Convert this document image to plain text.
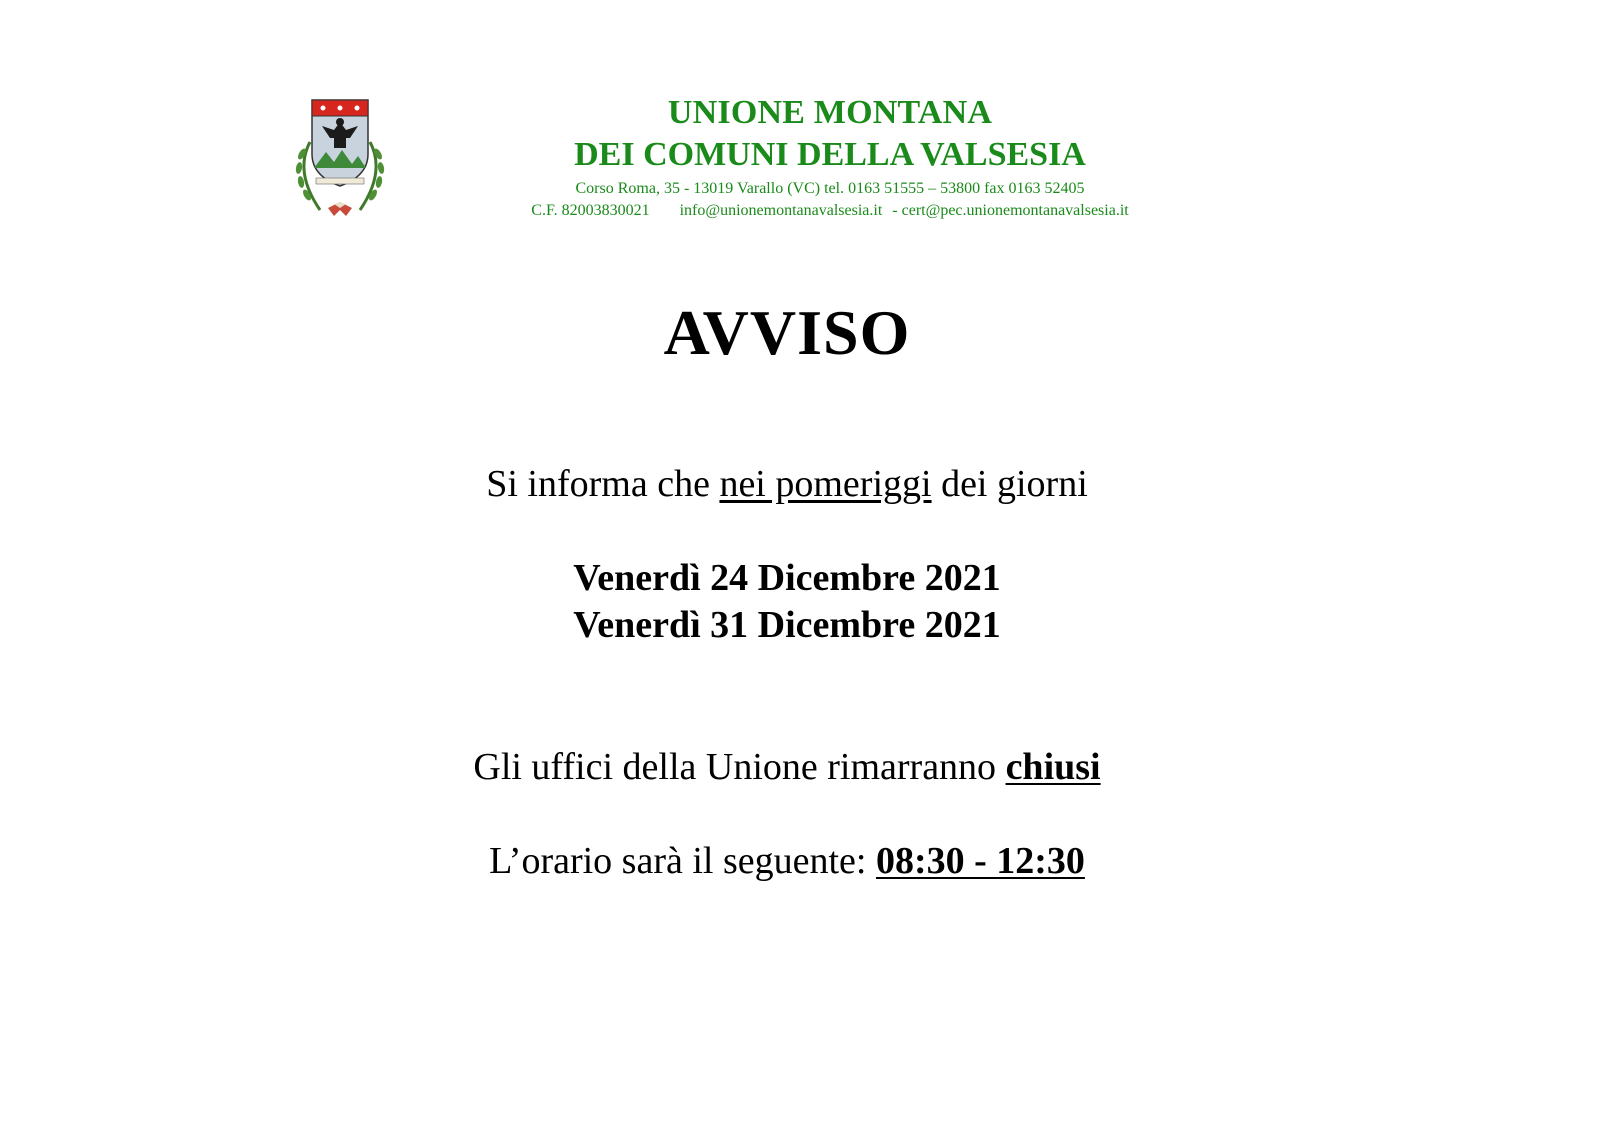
UNIONE MONTANA
DEI COMUNI DELLA VALSESIA
Corso Roma, 35 - 13019 Varallo (VC) tel. 0163 51555 – 53800 fax 0163 52405
C.F. 82003830021 info@unionemontanavalsesia.it - cert@pec.unionemontanavalsesia.it
AVVISO
Si informa che nei pomeriggi dei giorni
Venerdì 24 Dicembre 2021
Venerdì 31 Dicembre 2021
Gli uffici della Unione rimarranno chiusi
L’orario sarà il seguente: 08:30 - 12:30
